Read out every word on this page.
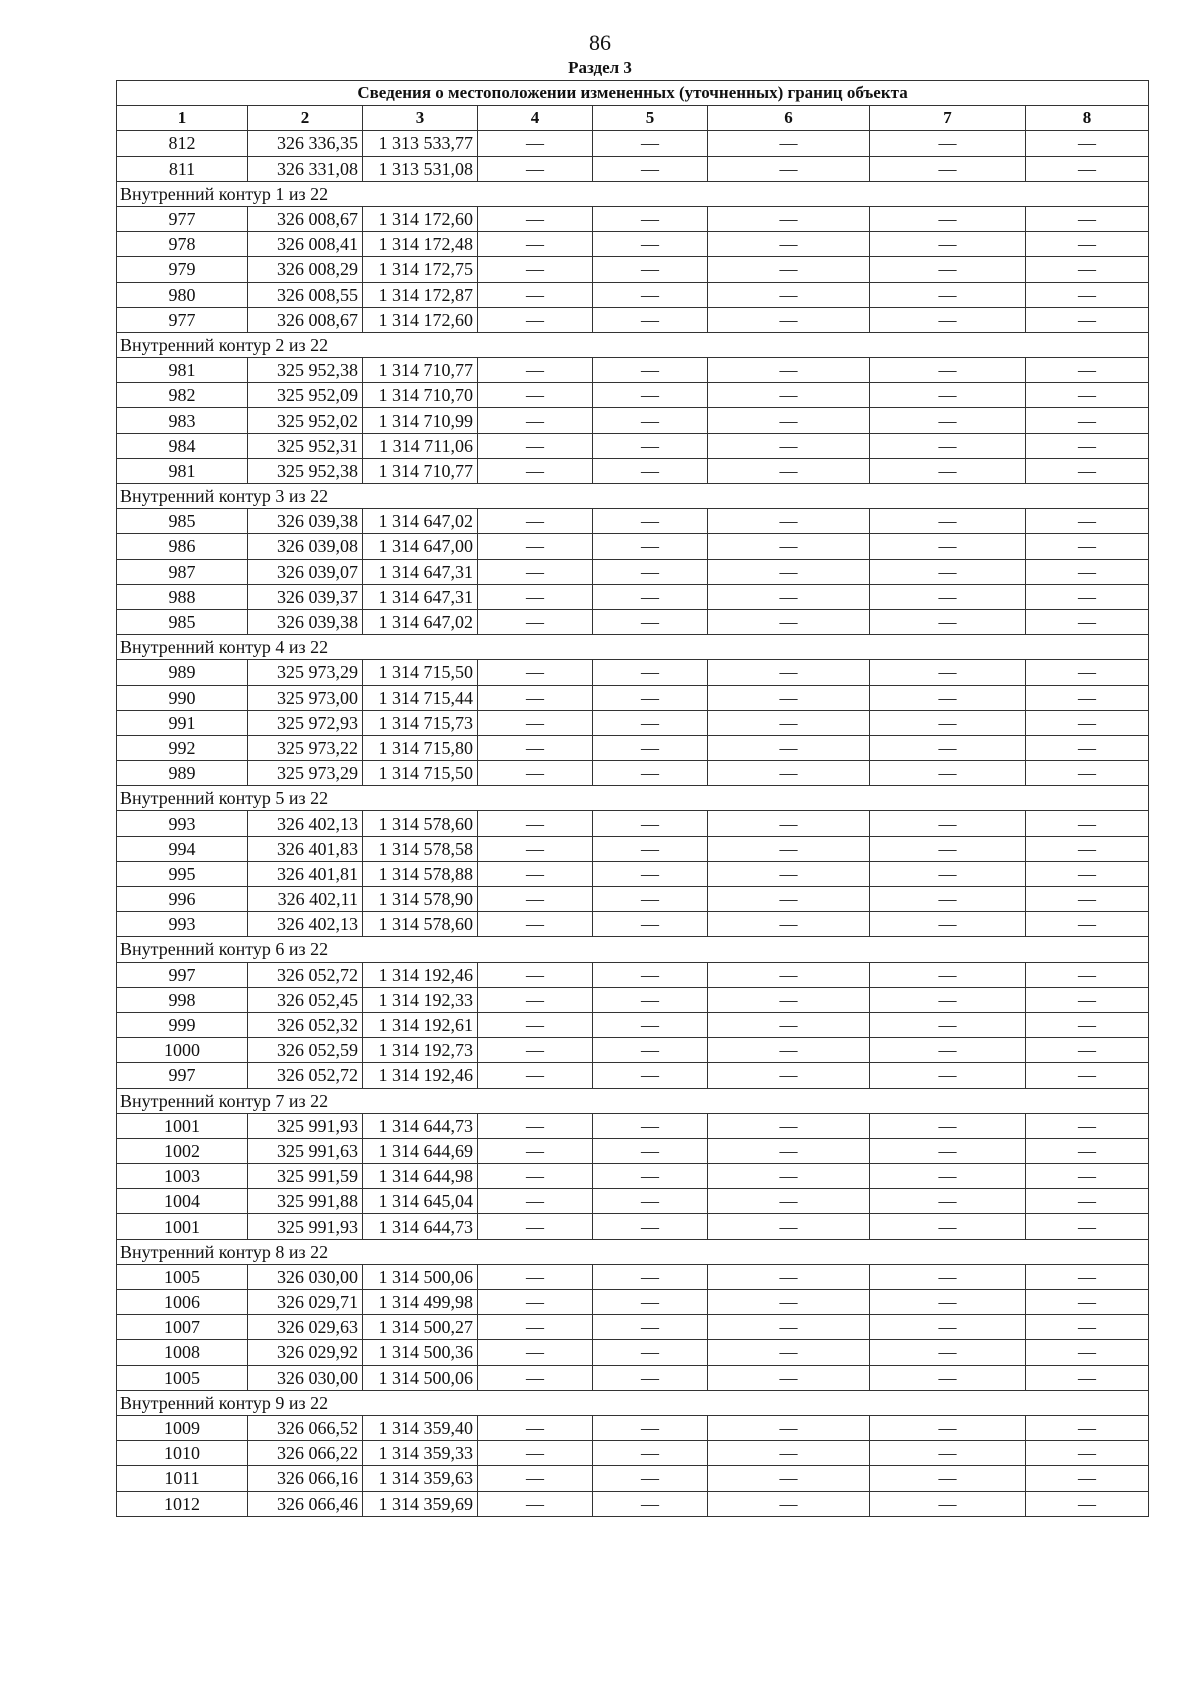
86
Раздел 3
Сведения о местоположении измененных (уточненных) границ объекта							
1	2	3	4	5	6	7	8
812	326 336,35	1 313 533,77	—	—	—	—	—
811	326 331,08	1 313 531,08	—	—	—	—	—
Внутренний контур 1 из 22							
977	326 008,67	1 314 172,60	—	—	—	—	—
978	326 008,41	1 314 172,48	—	—	—	—	—
979	326 008,29	1 314 172,75	—	—	—	—	—
980	326 008,55	1 314 172,87	—	—	—	—	—
977	326 008,67	1 314 172,60	—	—	—	—	—
Внутренний контур 2 из 22							
981	325 952,38	1 314 710,77	—	—	—	—	—
982	325 952,09	1 314 710,70	—	—	—	—	—
983	325 952,02	1 314 710,99	—	—	—	—	—
984	325 952,31	1 314 711,06	—	—	—	—	—
981	325 952,38	1 314 710,77	—	—	—	—	—
Внутренний контур 3 из 22							
985	326 039,38	1 314 647,02	—	—	—	—	—
986	326 039,08	1 314 647,00	—	—	—	—	—
987	326 039,07	1 314 647,31	—	—	—	—	—
988	326 039,37	1 314 647,31	—	—	—	—	—
985	326 039,38	1 314 647,02	—	—	—	—	—
Внутренний контур 4 из 22							
989	325 973,29	1 314 715,50	—	—	—	—	—
990	325 973,00	1 314 715,44	—	—	—	—	—
991	325 972,93	1 314 715,73	—	—	—	—	—
992	325 973,22	1 314 715,80	—	—	—	—	—
989	325 973,29	1 314 715,50	—	—	—	—	—
Внутренний контур 5 из 22							
993	326 402,13	1 314 578,60	—	—	—	—	—
994	326 401,83	1 314 578,58	—	—	—	—	—
995	326 401,81	1 314 578,88	—	—	—	—	—
996	326 402,11	1 314 578,90	—	—	—	—	—
993	326 402,13	1 314 578,60	—	—	—	—	—
Внутренний контур 6 из 22							
997	326 052,72	1 314 192,46	—	—	—	—	—
998	326 052,45	1 314 192,33	—	—	—	—	—
999	326 052,32	1 314 192,61	—	—	—	—	—
1000	326 052,59	1 314 192,73	—	—	—	—	—
997	326 052,72	1 314 192,46	—	—	—	—	—
Внутренний контур 7 из 22							
1001	325 991,93	1 314 644,73	—	—	—	—	—
1002	325 991,63	1 314 644,69	—	—	—	—	—
1003	325 991,59	1 314 644,98	—	—	—	—	—
1004	325 991,88	1 314 645,04	—	—	—	—	—
1001	325 991,93	1 314 644,73	—	—	—	—	—
Внутренний контур 8 из 22							
1005	326 030,00	1 314 500,06	—	—	—	—	—
1006	326 029,71	1 314 499,98	—	—	—	—	—
1007	326 029,63	1 314 500,27	—	—	—	—	—
1008	326 029,92	1 314 500,36	—	—	—	—	—
1005	326 030,00	1 314 500,06	—	—	—	—	—
Внутренний контур 9 из 22							
1009	326 066,52	1 314 359,40	—	—	—	—	—
1010	326 066,22	1 314 359,33	—	—	—	—	—
1011	326 066,16	1 314 359,63	—	—	—	—	—
1012	326 066,46	1 314 359,69	—	—	—	—	—
